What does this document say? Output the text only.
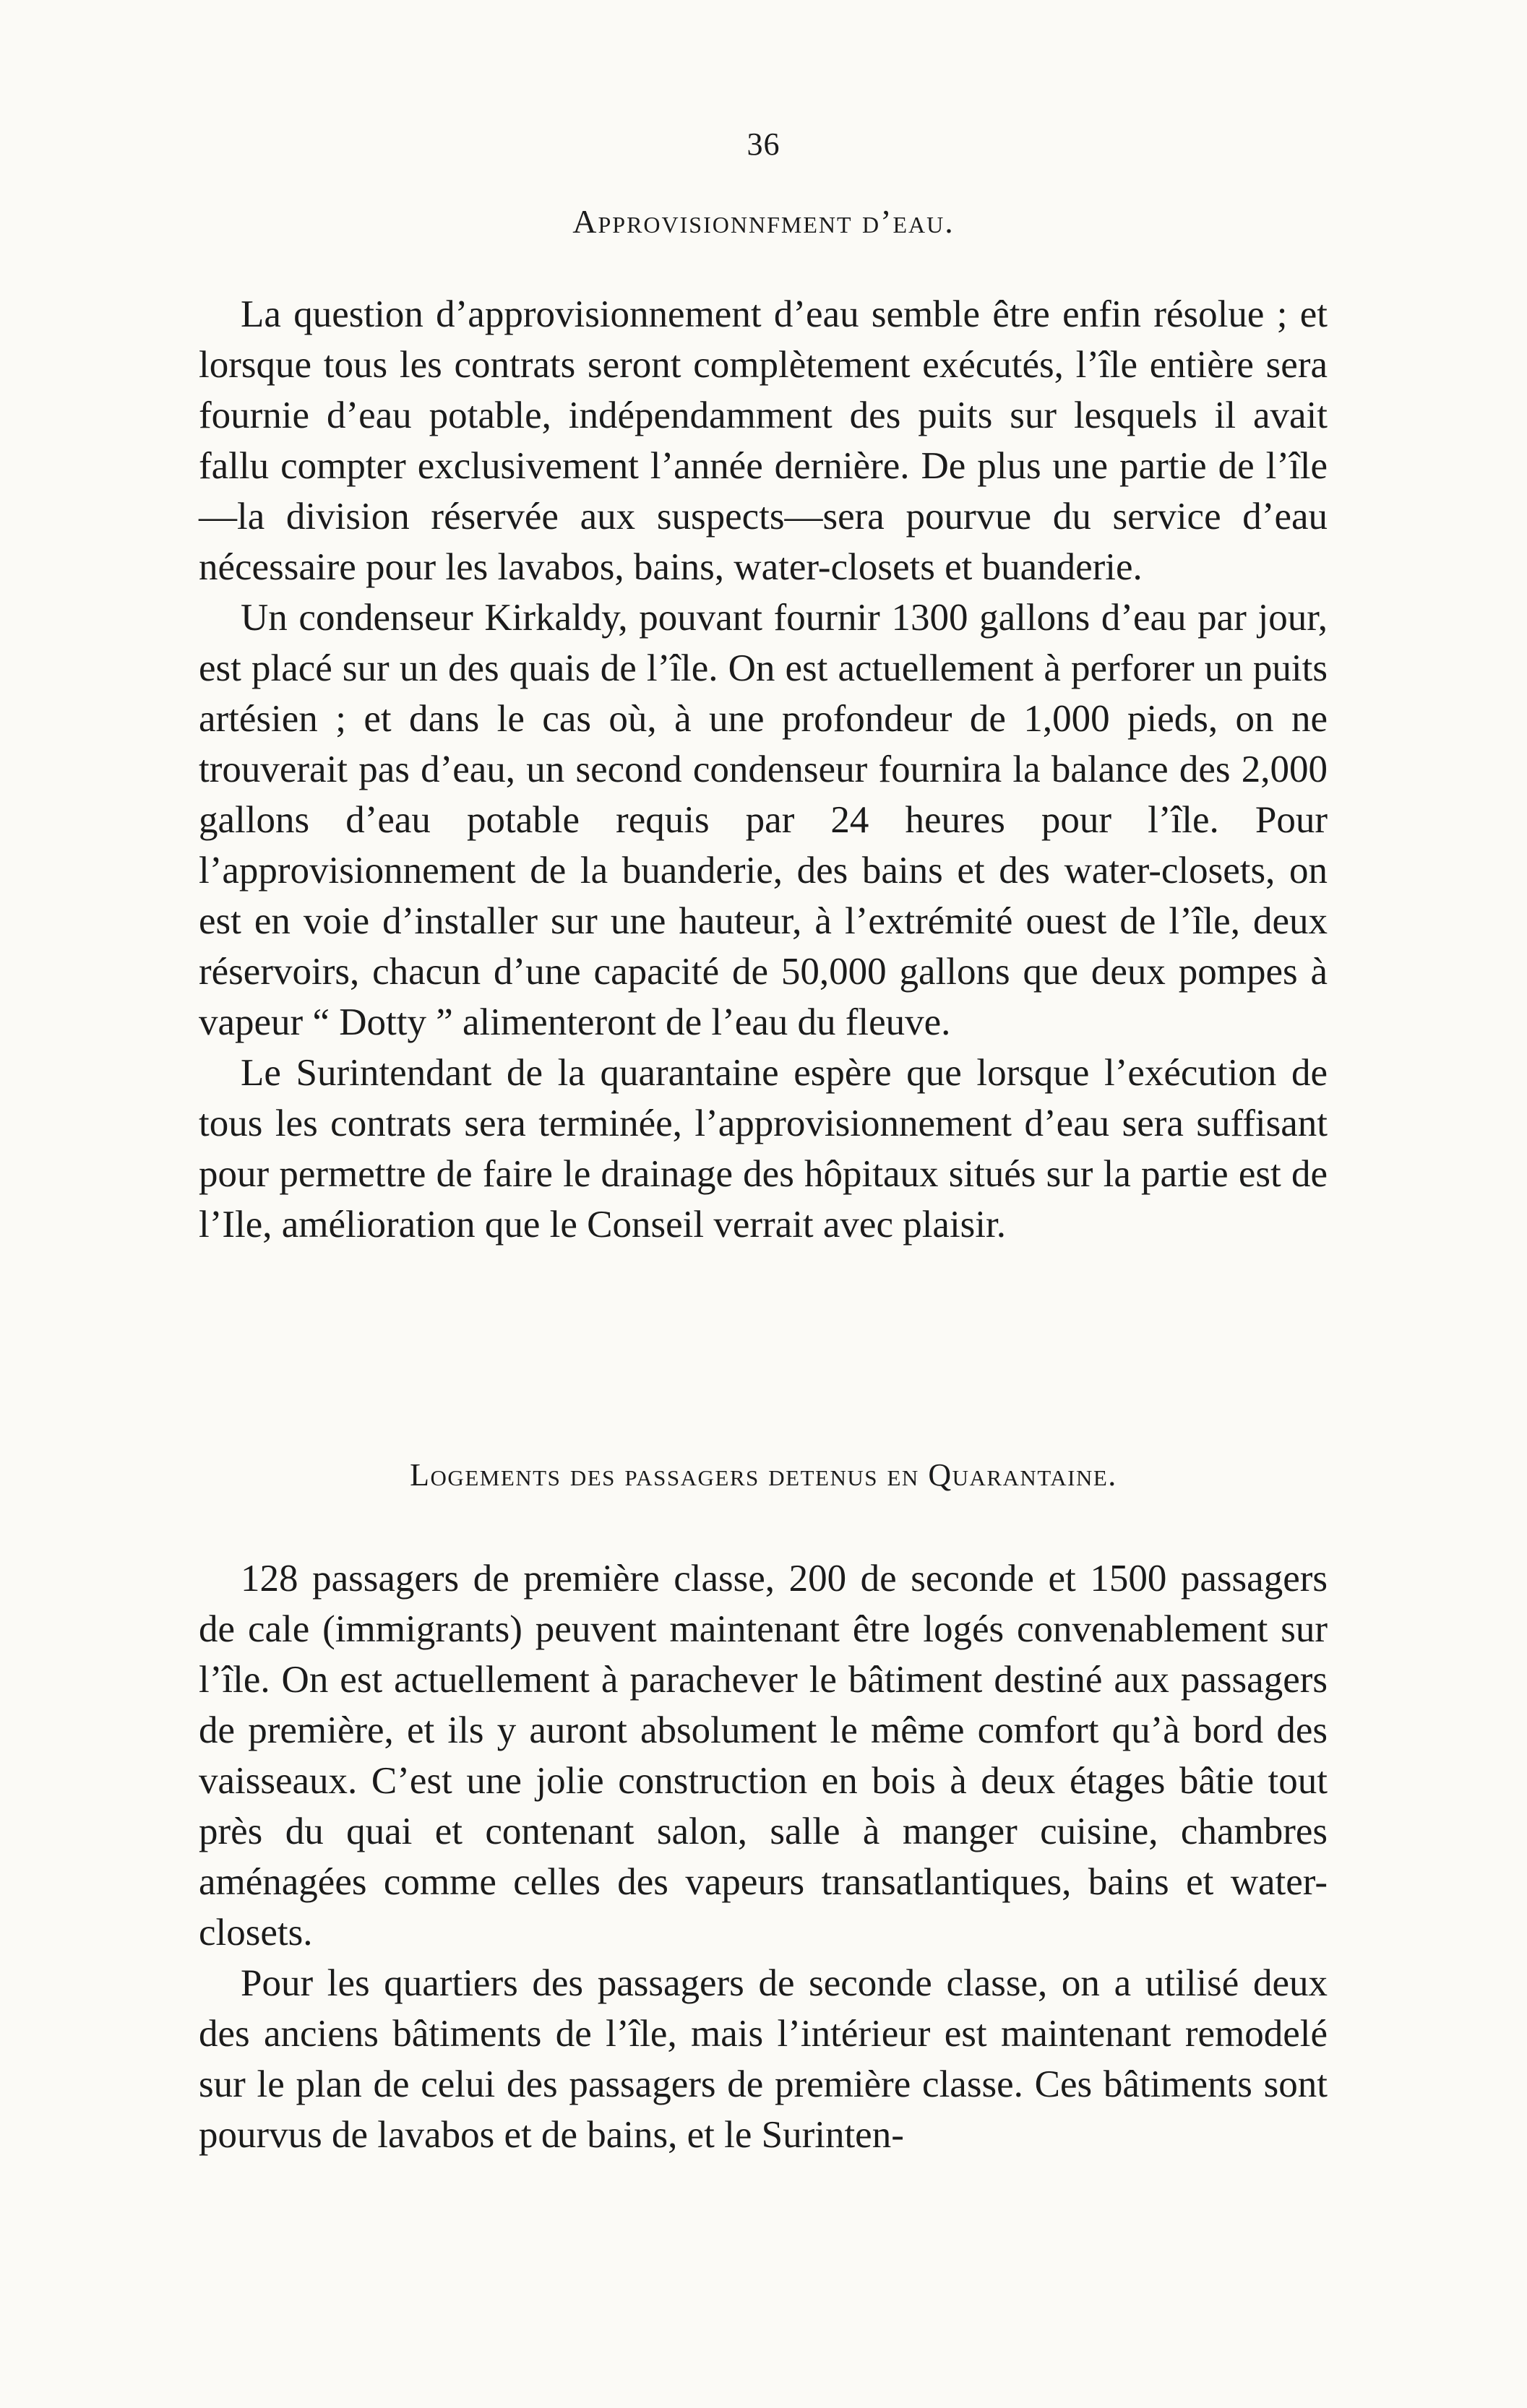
36
Approvisionnfment d’eau.

La question d’approvisionnement d’eau semble être enfin résolue ; et lorsque tous les contrats seront complètement exécutés, l’île entière sera fournie d’eau potable, indépendamment des puits sur lesquels il avait fallu compter exclusivement l’année dernière. De plus une partie de l’île—la division réservée aux suspects—sera pourvue du service d’eau nécessaire pour les lavabos, bains, water-closets et buanderie.

Un condenseur Kirkaldy, pouvant fournir 1300 gallons d’eau par jour, est placé sur un des quais de l’île. On est actuellement à perforer un puits artésien ; et dans le cas où, à une profondeur de 1,000 pieds, on ne trouverait pas d’eau, un second condenseur fournira la balance des 2,000 gallons d’eau potable requis par 24 heures pour l’île. Pour l’approvisionnement de la buanderie, des bains et des water-closets, on est en voie d’installer sur une hauteur, à l’extrémité ouest de l’île, deux réservoirs, chacun d’une capacité de 50,000 gallons que deux pompes à vapeur “ Dotty ” alimenteront de l’eau du fleuve.

Le Surintendant de la quarantaine espère que lorsque l’exécution de tous les contrats sera terminée, l’approvisionnement d’eau sera suffisant pour permettre de faire le drainage des hôpitaux situés sur la partie est de l’Ile, amélioration que le Conseil verrait avec plaisir.

Logements des passagers detenus en Quarantaine.

128 passagers de première classe, 200 de seconde et 1500 passagers de cale (immigrants) peuvent maintenant être logés convenablement sur l’île. On est actuellement à parachever le bâtiment destiné aux passagers de première, et ils y auront absolument le même comfort qu’à bord des vaisseaux. C’est une jolie construction en bois à deux étages bâtie tout près du quai et contenant salon, salle à manger cuisine, chambres aménagées comme celles des vapeurs transatlantiques, bains et water-closets.

Pour les quartiers des passagers de seconde classe, on a utilisé deux des anciens bâtiments de l’île, mais l’intérieur est maintenant remodelé sur le plan de celui des passagers de première classe. Ces bâtiments sont pourvus de lavabos et de bains, et le Surinten-
